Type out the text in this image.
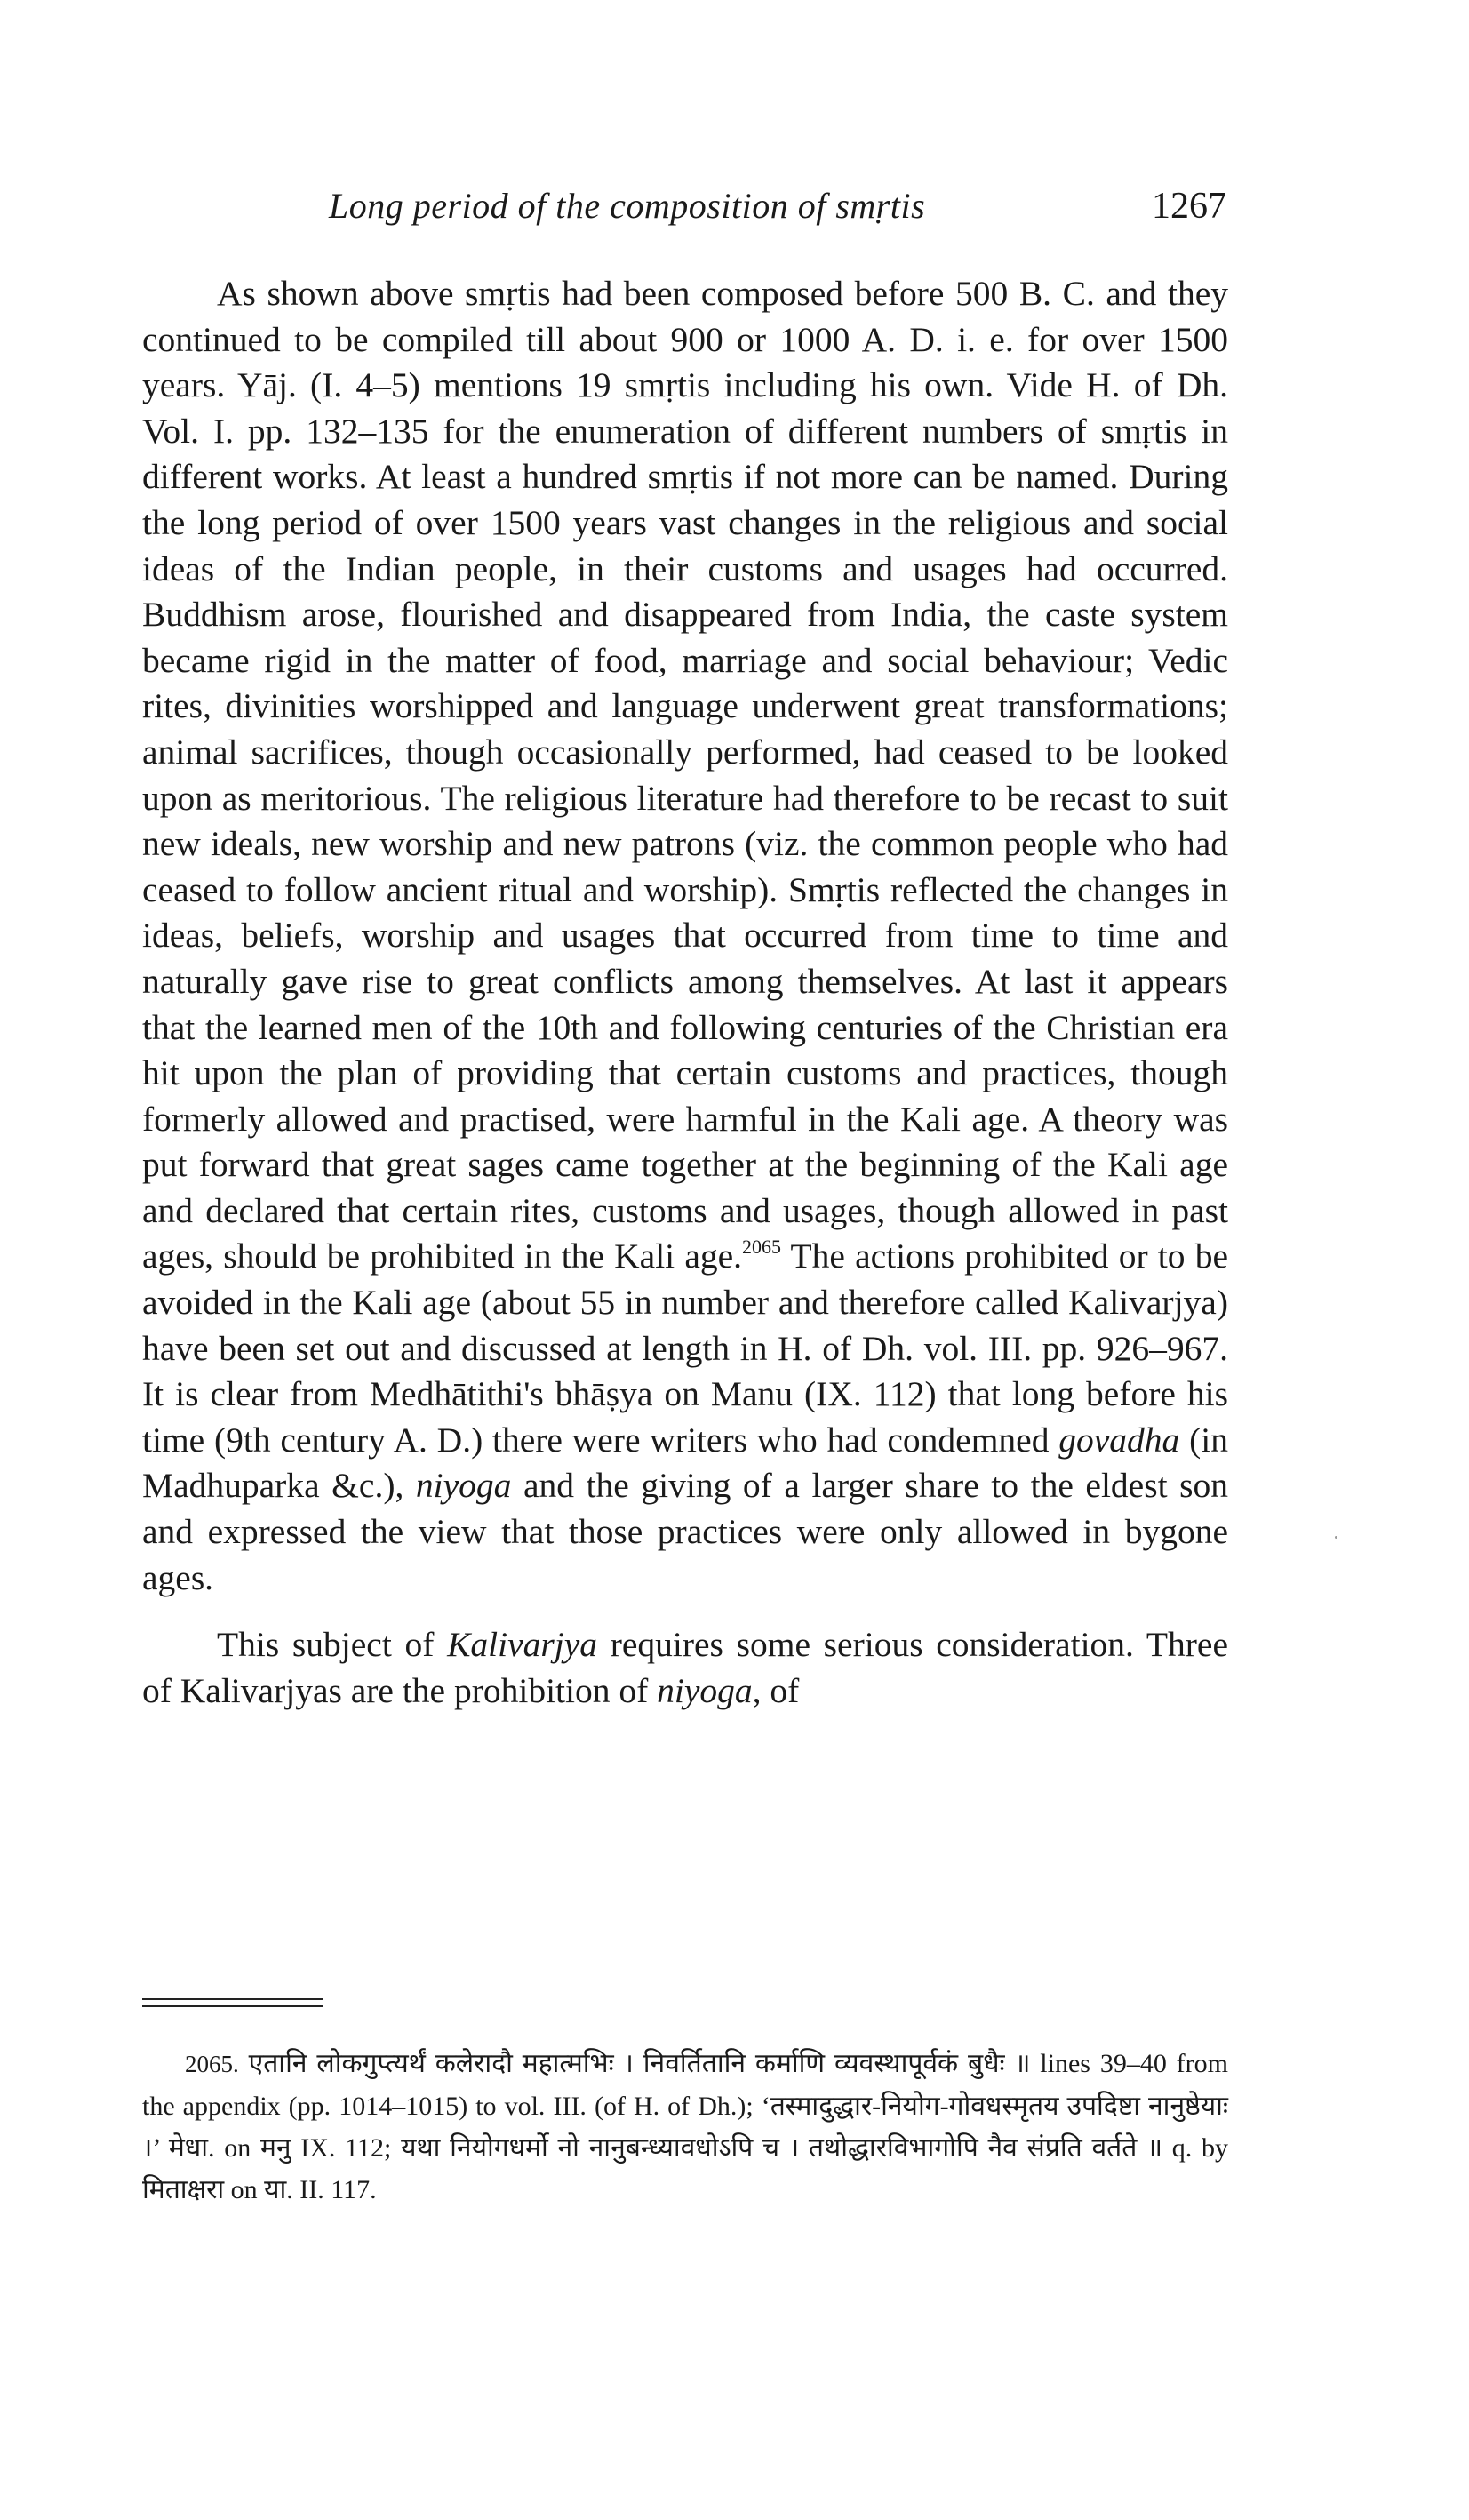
Long period of the composition of smṛtis	1267

As shown above smṛtis had been composed before 500 B. C. and they continued to be compiled till about 900 or 1000 A. D. i. e. for over 1500 years. Yāj. (I. 4–5) mentions 19 smṛtis including his own. Vide H. of Dh. Vol. I. pp. 132–135 for the enumeration of different numbers of smṛtis in different works. At least a hundred smṛtis if not more can be named. During the long period of over 1500 years vast changes in the religious and social ideas of the Indian people, in their customs and usages had occurred. Buddhism arose, flourished and disappeared from India, the caste system became rigid in the matter of food, marriage and social behaviour; Vedic rites, divinities worshipped and language underwent great transformations; animal sacrifices, though occasionally performed, had ceased to be looked upon as meritorious. The religious literature had therefore to be recast to suit new ideals, new worship and new patrons (viz. the common people who had ceased to follow ancient ritual and worship). Smṛtis reflected the changes in ideas, beliefs, worship and usages that occurred from time to time and naturally gave rise to great conflicts among themselves. At last it appears that the learned men of the 10th and following centuries of the Christian era hit upon the plan of providing that certain customs and practices, though formerly allowed and practised, were harmful in the Kali age. A theory was put forward that great sages came together at the beginning of the Kali age and declared that certain rites, customs and usages, though allowed in past ages, should be prohibited in the Kali age.$^{2065}$ The actions prohibited or to be avoided in the Kali age (about 55 in number and therefore called Kalivarjya) have been set out and discussed at length in H. of Dh. vol. III. pp. 926–967. It is clear from Medhātithi's bhāṣya on Manu (IX. 112) that long before his time (9th century A. D.) there were writers who had condemned govadha (in Madhuparka &c.), niyoga and the giving of a larger share to the eldest son and expressed the view that those practices were only allowed in bygone ages.

This subject of Kalivarjya requires some serious consideration. Three of Kalivarjyas are the prohibition of niyoga, of

2065. एतानि लोकगुप्त्यर्थं कलेरादौ महात्मभिः । निवर्तितानि कर्माणि व्यवस्थापूर्वकं बुधैः ॥ lines 39–40 from the appendix (pp. 1014–1015) to vol. III. (of H. of Dh.); ‘तस्मादुद्धार-नियोग-गोवधस्मृतय उपदिष्टा नानुष्ठेयाः ।’ मेधा. on मनु IX. 112; यथा नियोगधर्मो नो नानुबन्ध्यावधोऽपि च । तथोद्धारविभागोपि नैव संप्रति वर्तते ॥ q. by मिताक्षरा on या. II. 117.
